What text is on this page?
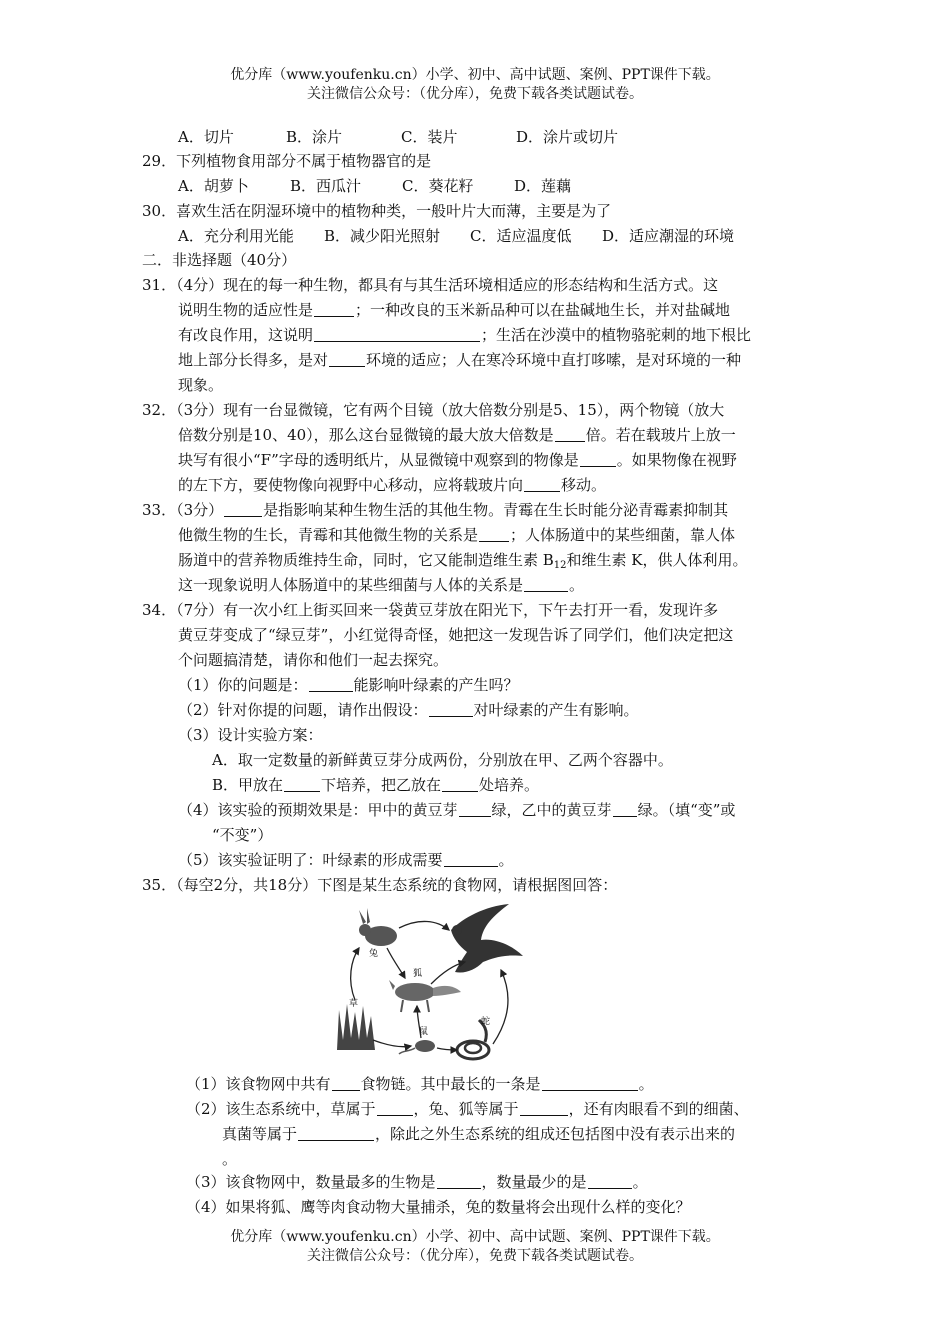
优分库（www.youfenku.cn）小学、初中、高中试题、案例、PPT课件下载。
关注微信公众号：（优分库），免费下载各类试题试卷。
A．切片	B．涂片	C．装片	D．涂片或切片
29．下列植物食用部分不属于植物器官的是
A．胡萝卜	B．西瓜汁	C．葵花籽	D．莲藕
30．喜欢生活在阴湿环境中的植物种类，一般叶片大而薄，主要是为了
A．充分利用光能 B．减少阳光照射 C．适应温度低 D．适应潮湿的环境
二．非选择题（40分）
31．（4分）现在的每一种生物，都具有与其生活环境相适应的形态结构和生活方式。这
说明生物的适应性是	；一种改良的玉米新品种可以在盐碱地生长，并对盐碱地
有改良作用，这说明	；生活在沙漠中的植物骆驼刺的地下根比
地上部分长得多，是对	环境的适应；人在寒冷环境中直打哆嗦，是对环境的一种
现象。
32．（3分）现有一台显微镜，它有两个目镜（放大倍数分别是5、15），两个物镜（放大
倍数分别是10、40），那么这台显微镜的最大放大倍数是 倍。若在载玻片上放一
块写有很小“F”字母的透明纸片，从显微镜中观察到的物像是	。如果物像在视野
的左下方，要使物像向视野中心移动，应将载玻片向	移动。
33．（3分）	是指影响某种生物生活的其他生物。青霉在生长时能分泌青霉素抑制其
他微生物的生长，青霉和其他微生物的关系是 ；人体肠道中的某些细菌，靠人体
肠道中的营养物质维持生命，同时，它又能制造维生素 $B_{12}$和维生素 K，供人体利用。
这一现象说明人体肠道中的某些细菌与人体的关系是	。
34．（7分）有一次小红上街买回来一袋黄豆芽放在阳光下，下午去打开一看，发现许多
黄豆芽变成了“绿豆芽”，小红觉得奇怪，她把这一发现告诉了同学们，他们决定把这
个问题搞清楚，请你和他们一起去探究。
（1）你的问题是：	能影响叶绿素的产生吗？
（2）针对你提的问题，请作出假设：	对叶绿素的产生有影响。
（3）设计实验方案：
A．取一定数量的新鲜黄豆芽分成两份，分别放在甲、乙两个容器中。
B．甲放在	下培养，把乙放在	处培养。
（4）该实验的预期效果是：甲中的黄豆芽 绿，乙中的黄豆芽 绿。（填“变”或
“不变”）
（5）该实验证明了：叶绿素的形成需要	。
35．（每空2分，共18分）下图是某生态系统的食物网，请根据图回答：
兔
鹰
狐
草
鼠
蛇
（1）该食物网中共有 食物链。其中最长的一条是	。
（2）该生态系统中，草属于	，兔、狐等属于	，还有肉眼看不到的细菌、
真菌等属于	，除此之外生态系统的组成还包括图中没有表示出来的
。
（3）该食物网中，数量最多的生物是	，数量最少的是	。
（4）如果将狐、鹰等肉食动物大量捕杀，兔的数量将会出现什么样的变化？
优分库（www.youfenku.cn）小学、初中、高中试题、案例、PPT课件下载。
关注微信公众号：（优分库），免费下载各类试题试卷。
